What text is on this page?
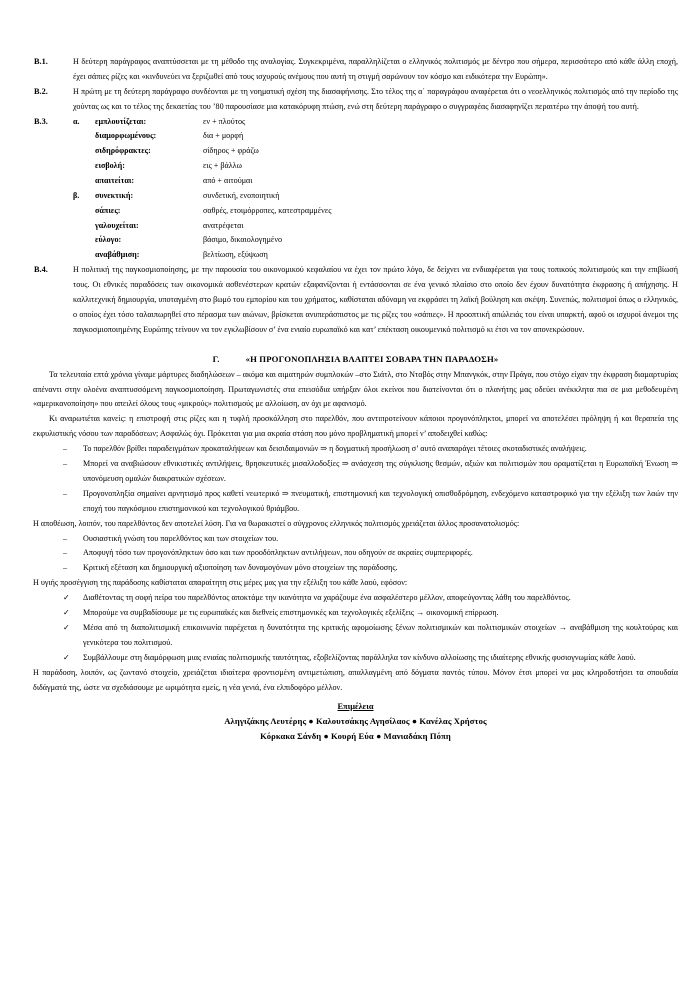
B.1.	Η δεύτερη παράγραφος αναπτύσσεται με τη μέθοδο της αναλογίας. Συγκεκριμένα, παραλληλίζεται ο ελληνικός πολιτισμός με δέντρο που σήμερα, περισσότερο από κάθε άλλη εποχή, έχει σάπιες ρίζες και «κινδυνεύει να ξεριζωθεί από τους ισχυρούς ανέμους που αυτή τη στιγμή σαρώνουν τον κόσμο και ειδικότερα την Ευρώπη».
B.2.	Η πρώτη με τη δεύτερη παράγραφο συνδέονται με τη νοηματική σχέση της διασαφήνισης. Στο τέλος της α΄ παραγράφου αναφέρεται ότι ο νεοελληνικός πολιτισμός από την περίοδο της χούντας ως και το τέλος της δεκαετίας του ’80 παρουσίασε μια κατακόρυφη πτώση, ενώ στη δεύτερη παράγραφο ο συγγραφέας διασαφηνίζει περαιτέρω την άποψή του αυτή.
B.3.	α.	εμπλουτίζεται:	εν + πλούτος
διαμορφωμένους:	δια + μορφή
σιδηρόφρακτες:	σίδηρος + φράζω
εισβολή:	εις + βάλλω
απαιτείται:	από + αιτούμαι
β.	συνεκτική:	συνδετική, ενοποιητική
σάπιες:	σαθρές, ετοιμόρροπες, κατεστραμμένες
γαλουχείται:	ανατρέφεται
εύλογο:	βάσιμο, δικαιολογημένο
αναβάθμιση:	βελτίωση, εξύψωση
B.4.	Η πολιτική της παγκοσμιοποίησης, με την παρουσία του οικονομικού κεφαλαίου να έχει τον πρώτο λόγο, δε δείχνει να ενδιαφέρεται για τους τοπικούς πολιτισμούς και την επιβίωσή τους. Οι εθνικές παραδόσεις των οικονομικά ασθενέστερων κρατών εξαφανίζονται ή εντάσσονται σε ένα γενικό πλαίσιο στο οποίο δεν έχουν δυνατότητα έκφρασης ή απήχησης. Η καλλιτεχνική δημιουργία, υποταγμένη στο βωμό του εμπορίου και του χρήματος, καθίσταται αδύναμη να εκφράσει τη λαϊκή βούληση και σκέψη. Συνεπώς, πολιτισμοί όπως ο ελληνικός, ο οποίος έχει τόσο ταλαιπωρηθεί στο πέρασμα των αιώνων, βρίσκεται ανυπεράσπιστος με τις ρίζες του «σάπιες». Η προοπτική απώλειάς του είναι υπαρκτή, αφού οι ισχυροί άνεμοι της παγκοσμιοποιημένης Ευρώπης τείνουν να τον εγκλωβίσουν σ’ ένα ενιαίο ευρωπαϊκό και κατ’ επέκταση οικουμενικό πολιτισμό κι έτσι να τον απονεκρώσουν.
Γ.	«Η ΠΡΟΓΟΝΟΠΛΗΞΙΑ ΒΛΑΠΤΕΙ ΣΟΒΑΡΑ ΤΗΝ ΠΑΡΑΔΟΣΗ»
Τα τελευταία επτά χρόνια γίναμε μάρτυρες διαδηλώσεων – ακόμα και αιματηρών συμπλοκών –στο Σιάτλ, στο Νταβός στην Μπανγκόκ, στην Πράγα, που στόχο είχαν την έκφραση διαμαρτυρίας απέναντι στην ολοένα αναπτυσσόμενη παγκοσμιοποίηση. Πρωταγωνιστές στα επεισόδια υπήρξαν όλοι εκείνοι που διατείνονται ότι ο πλανήτης μας οδεύει ανέκκλητα πια σε μια μεθοδευμένη «αμερικανοποίηση» που απειλεί όλους τους «μικρούς» πολιτισμούς με αλλοίωση, αν όχι με αφανισμό.
Κι αναρωτιέται κανείς: η επιστροφή στις ρίζες και η τυφλή προσκόλληση στο παρελθόν, που αντιπροτείνουν κάποιοι προγονόπληκτοι, μπορεί να αποτελέσει πρόληψη ή και θεραπεία της εκφυλιστικής νόσου των παραδόσεων; Ασφαλώς όχι. Πρόκειται για μια ακραία στάση που μόνο προβληματική μπορεί ν’ αποδειχθεί καθώς:
–	Το παρελθόν βρίθει παραδειγμάτων προκαταλήψεων και δεισιδαιμονιών ⇒ η δογματική προσήλωση σ’ αυτό αναπαράγει τέτοιες σκοταδιστικές αναλήψεις.
–	Μπορεί να αναβιώσουν εθνικιστικές αντιλήψεις, θρησκευτικές μισαλλοδοξίες ⇒ ανάσχεση της σύγκλισης θεσμών, αξιών και πολιτισμών που οραματίζεται η Ευρωπαϊκή Ένωση ⇒ υπονόμευση ομαλών διακρατικών σχέσεων.
–	Προγονοπληξία σημαίνει αρνητισμό προς καθετί νεωτερικό ⇒ πνευματική, επιστημονική και τεχνολογική οπισθοδρόμηση, ενδεχόμενο καταστροφικό για την εξέλιξη των λαών την εποχή του παγκόσμιου επιστημονικού και τεχνολογικού θριάμβου.
Η αποθέωση, λοιπόν, του παρελθόντος δεν αποτελεί λύση. Για να θωρακιστεί ο σύγχρονος ελληνικός πολιτισμός χρειάζεται άλλος προσανατολισμός:
–	Ουσιαστική γνώση του παρελθόντος και των στοιχείων του.
–	Αποφυγή τόσο των προγονόπληκτων όσο και των προοδόπληκτων αντιλήψεων, που οδηγούν σε ακραίες συμπεριφορές.
–	Κριτική εξέταση και δημιουργική αξιοποίηση των δυναμογόνων μόνο στοιχείων της παράδοσης.
Η υγιής προσέγγιση της παράδοσης καθίσταται απαραίτητη στις μέρες μας για την εξέλιξη του κάθε λαού, εφόσον:
✓	Διαθέτοντας τη σοφή πείρα του παρελθόντος αποκτάμε την ικανότητα να χαράζουμε ένα ασφαλέστερο μέλλον, αποφεύγοντας λάθη του παρελθόντος.
✓	Μπορούμε να συμβαδίσουμε με τις ευρωπαϊκές και διεθνείς επιστημονικές και τεχνολογικές εξελίξεις → οικονομική επίρρωση.
✓	Μέσα από τη διαπολιτισμική επικοινωνία παρέχεται η δυνατότητα της κριτικής αφομοίωσης ξένων πολιτισμικών και πολιτισμικών στοιχείων → αναβάθμιση της κουλτούρας και γενικότερα του πολιτισμού.
✓	Συμβάλλουμε στη διαμόρφωση μιας ενιαίας πολιτισμικής ταυτότητας, εξοβελίζοντας παράλληλα τον κίνδυνο αλλοίωσης της ιδιαίτερης εθνικής φυσιογνωμίας κάθε λαού.
Η παράδοση, λοιπόν, ως ζωντανό στοιχείο, χρειάζεται ιδιαίτερα φροντισμένη αντιμετώπιση, απαλλαγμένη από δόγματα παντός τύπου. Μόνον έτσι μπορεί να μας κληροδοτήσει τα σπουδαία διδάγματά της, ώστε να σχεδιάσουμε με ωριμότητα εμείς, η νέα γενιά, ένα ελπιδοφόρο μέλλον.
Επιμέλεια
Αληγιζάκης Λευτέρης ● Καλουτσάκης Αγησίλαος ● Κανέλας Χρήστος
Κόρκακα Σάνδη ● Κουρή Εύα ● Μανιαδάκη Πόπη
